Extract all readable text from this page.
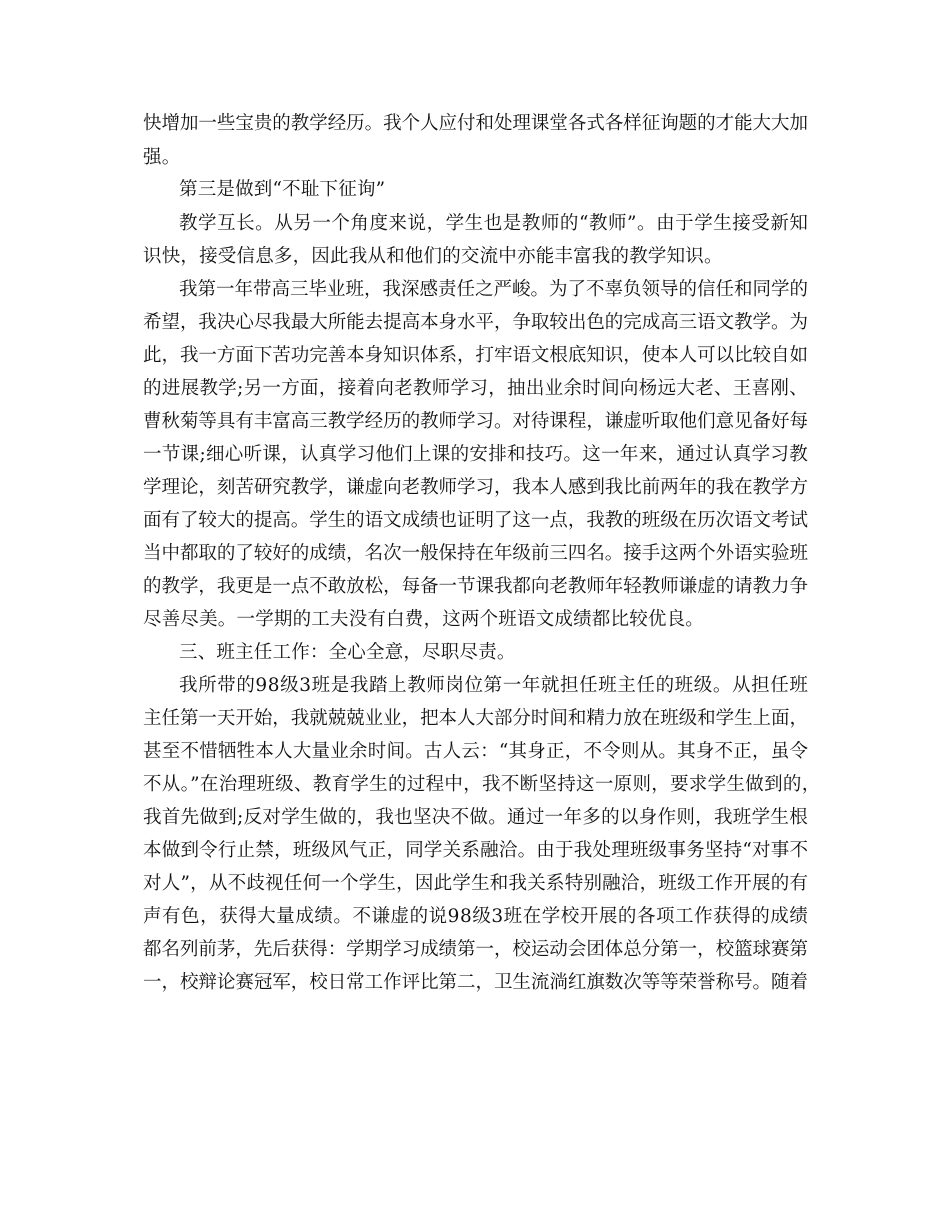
快增加一些宝贵的教学经历。我个人应付和处理课堂各式各样征询题的才能大大加
强。
第三是做到“不耻下征询”
教学互长。从另一个角度来说，学生也是教师的“教师”。由于学生接受新知
识快，接受信息多，因此我从和他们的交流中亦能丰富我的教学知识。
我第一年带高三毕业班，我深感责任之严峻。为了不辜负领导的信任和同学的
希望，我决心尽我最大所能去提高本身水平，争取较出色的完成高三语文教学。为
此，我一方面下苦功完善本身知识体系，打牢语文根底知识，使本人可以比较自如
的进展教学;另一方面，接着向老教师学习，抽出业余时间向杨远大老、王喜刚、
曹秋菊等具有丰富高三教学经历的教师学习。对待课程，谦虚听取他们意见备好每
一节课;细心听课，认真学习他们上课的安排和技巧。这一年来，通过认真学习教
学理论，刻苦研究教学，谦虚向老教师学习，我本人感到我比前两年的我在教学方
面有了较大的提高。学生的语文成绩也证明了这一点，我教的班级在历次语文考试
当中都取的了较好的成绩，名次一般保持在年级前三四名。接手这两个外语实验班
的教学，我更是一点不敢放松，每备一节课我都向老教师年轻教师谦虚的请教力争
尽善尽美。一学期的工夫没有白费，这两个班语文成绩都比较优良。
三、班主任工作：全心全意，尽职尽责。
我所带的98级3班是我踏上教师岗位第一年就担任班主任的班级。从担任班
主任第一天开始，我就兢兢业业，把本人大部分时间和精力放在班级和学生上面，
甚至不惜牺牲本人大量业余时间。古人云：“其身正，不令则从。其身不正，虽令
不从。”在治理班级、教育学生的过程中，我不断坚持这一原则，要求学生做到的，
我首先做到;反对学生做的，我也坚决不做。通过一年多的以身作则，我班学生根
本做到令行止禁，班级风气正，同学关系融洽。由于我处理班级事务坚持“对事不
对人”，从不歧视任何一个学生，因此学生和我关系特别融洽，班级工作开展的有
声有色，获得大量成绩。不谦虚的说98级3班在学校开展的各项工作获得的成绩
都名列前茅，先后获得：学期学习成绩第一，校运动会团体总分第一，校篮球赛第
一，校辩论赛冠军，校日常工作评比第二，卫生流淌红旗数次等等荣誉称号。随着
